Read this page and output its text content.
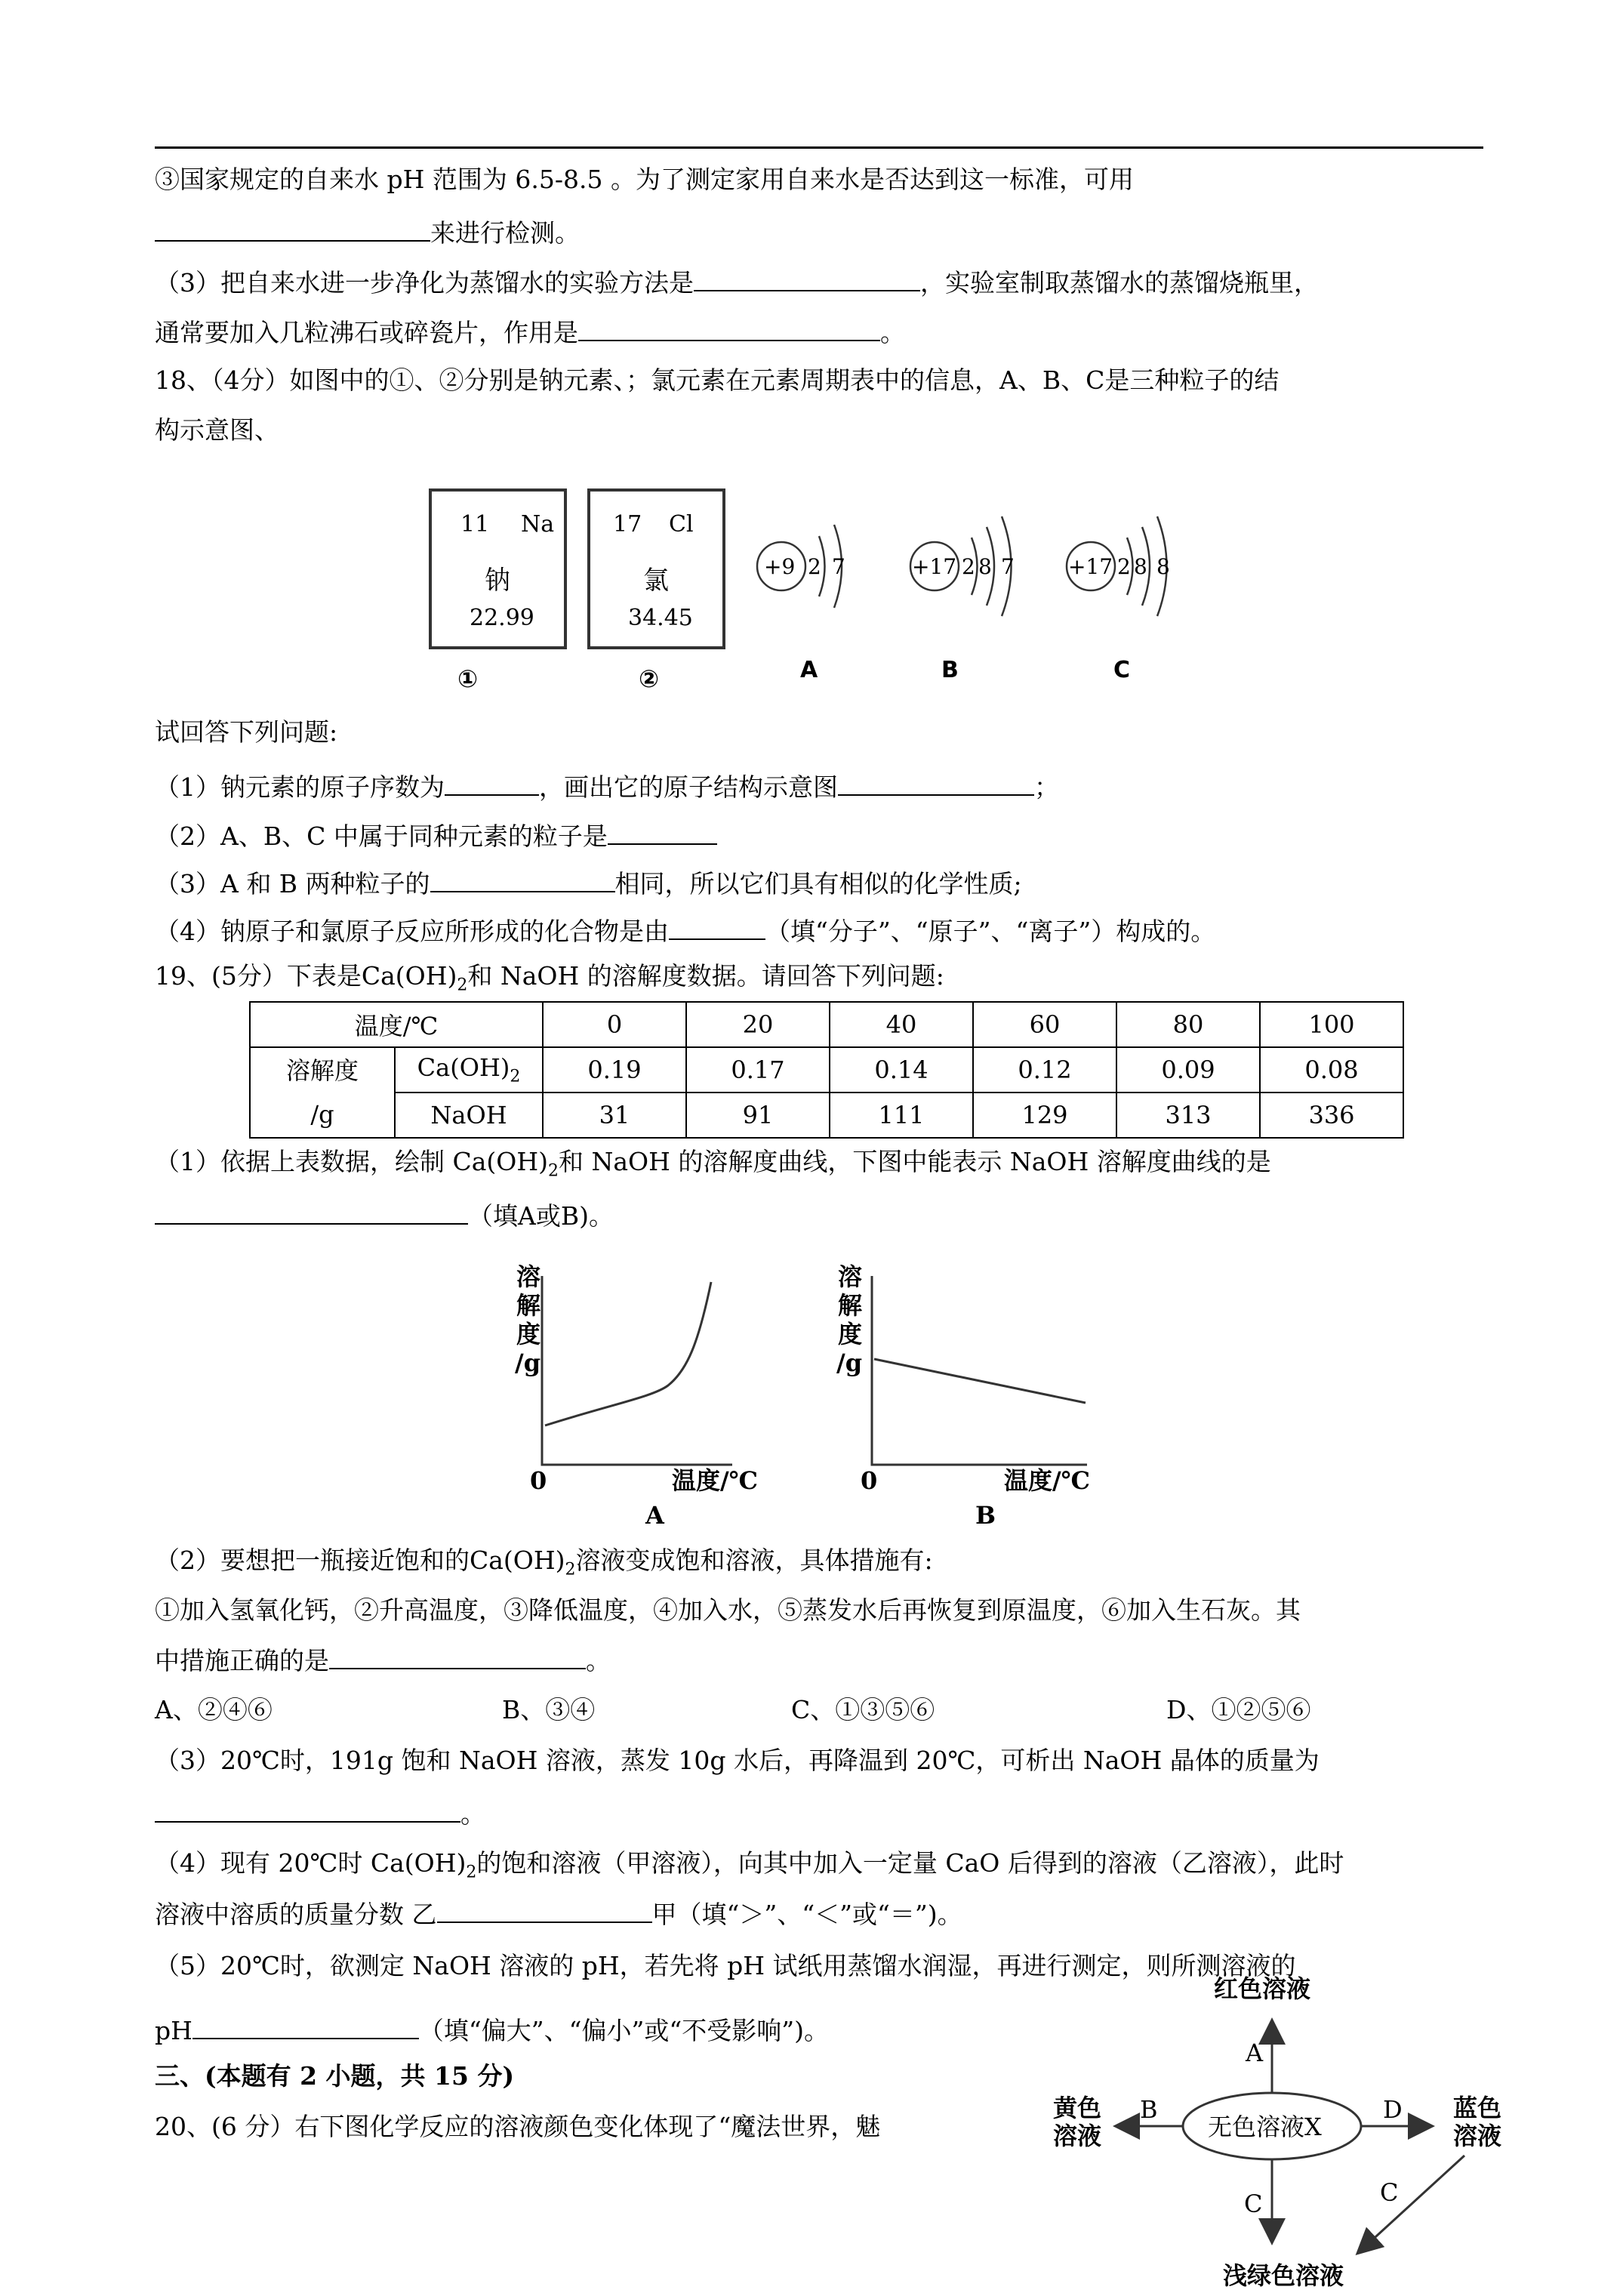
③国家规定的自来水 pH 范围为 6.5-8.5 。为了测定家用自来水是否达到这一标准，可用
来进行检测。
（3）把自来水进一步净化为蒸馏水的实验方法是	，实验室制取蒸馏水的蒸馏烧瓶里，
通常要加入几粒沸石或碎瓷片，作用是	。
18、（4分）如图中的①、②分别是钠元素、；氯元素在元素周期表中的信息，A、B、C是三种粒子的结
构示意图、
11 Na
钠
22.99
①
17 Cl
氯
34.45
②
+9 2 7	+17 2 8 7	+17 2 8 8
A	B	C
试回答下列问题:
（1）钠元素的原子序数为	，画出它的原子结构示意图	；
（2）A、B、C 中属于同种元素的粒子是
（3）A 和 B 两种粒子的	相同，所以它们具有相似的化学性质;
（4）钠原子和氯原子反应所形成的化合物是由	（填“分子”、“原子”、“离子”）构成的。
19、(5分）下表是$Ca(OH)_2$和 NaOH 的溶解度数据。请回答下列问题:
温度/℃		0	20	40	60	80	100
溶解度
/g	$Ca(OH)_2$	0.19	0.17	0.14	0.12	0.09	0.08
	NaOH	31	91	111	129	313	336
（1）依据上表数据，绘制 $Ca(OH)_2$和 NaOH 的溶解度曲线，下图中能表示 NaOH 溶解度曲线的是
（填A或B)。
溶
解
度
/g
0	温度/℃
A
溶
解
度
/g
0	温度/℃
B
（2）要想把一瓶接近饱和的$Ca(OH)_2$溶液变成饱和溶液，具体措施有:
①加入氢氧化钙，②升高温度，③降低温度，④加入水，⑤蒸发水后再恢复到原温度，⑥加入生石灰。其
中措施正确的是	。
A、②④⑥	B、③④	C、①③⑤⑥	D、①②⑤⑥
（3）20℃时，191g 饱和 NaOH 溶液，蒸发 10g 水后，再降温到 20℃，可析出 NaOH 晶体的质量为
。
（4）现有 20℃时 $Ca(OH)_2$的饱和溶液（甲溶液），向其中加入一定量 CaO 后得到的溶液（乙溶液），此时
溶液中溶质的质量分数 乙	甲（填“＞”、“＜”或“＝”)。
（5）20℃时，欲测定 NaOH 溶液的 pH，若先将 pH 试纸用蒸馏水润湿，再进行测定，则所测溶液的
pH	（填“偏大”、“偏小”或“不受影响”)。
三、(本题有 2 小题，共 15 分)
20、(6 分）右下图化学反应的溶液颜色变化体现了“魔法世界，魅
红色溶液
无色溶液X
黄色
溶液
蓝色
溶液
浅绿色溶液
A
B	D
C	C
